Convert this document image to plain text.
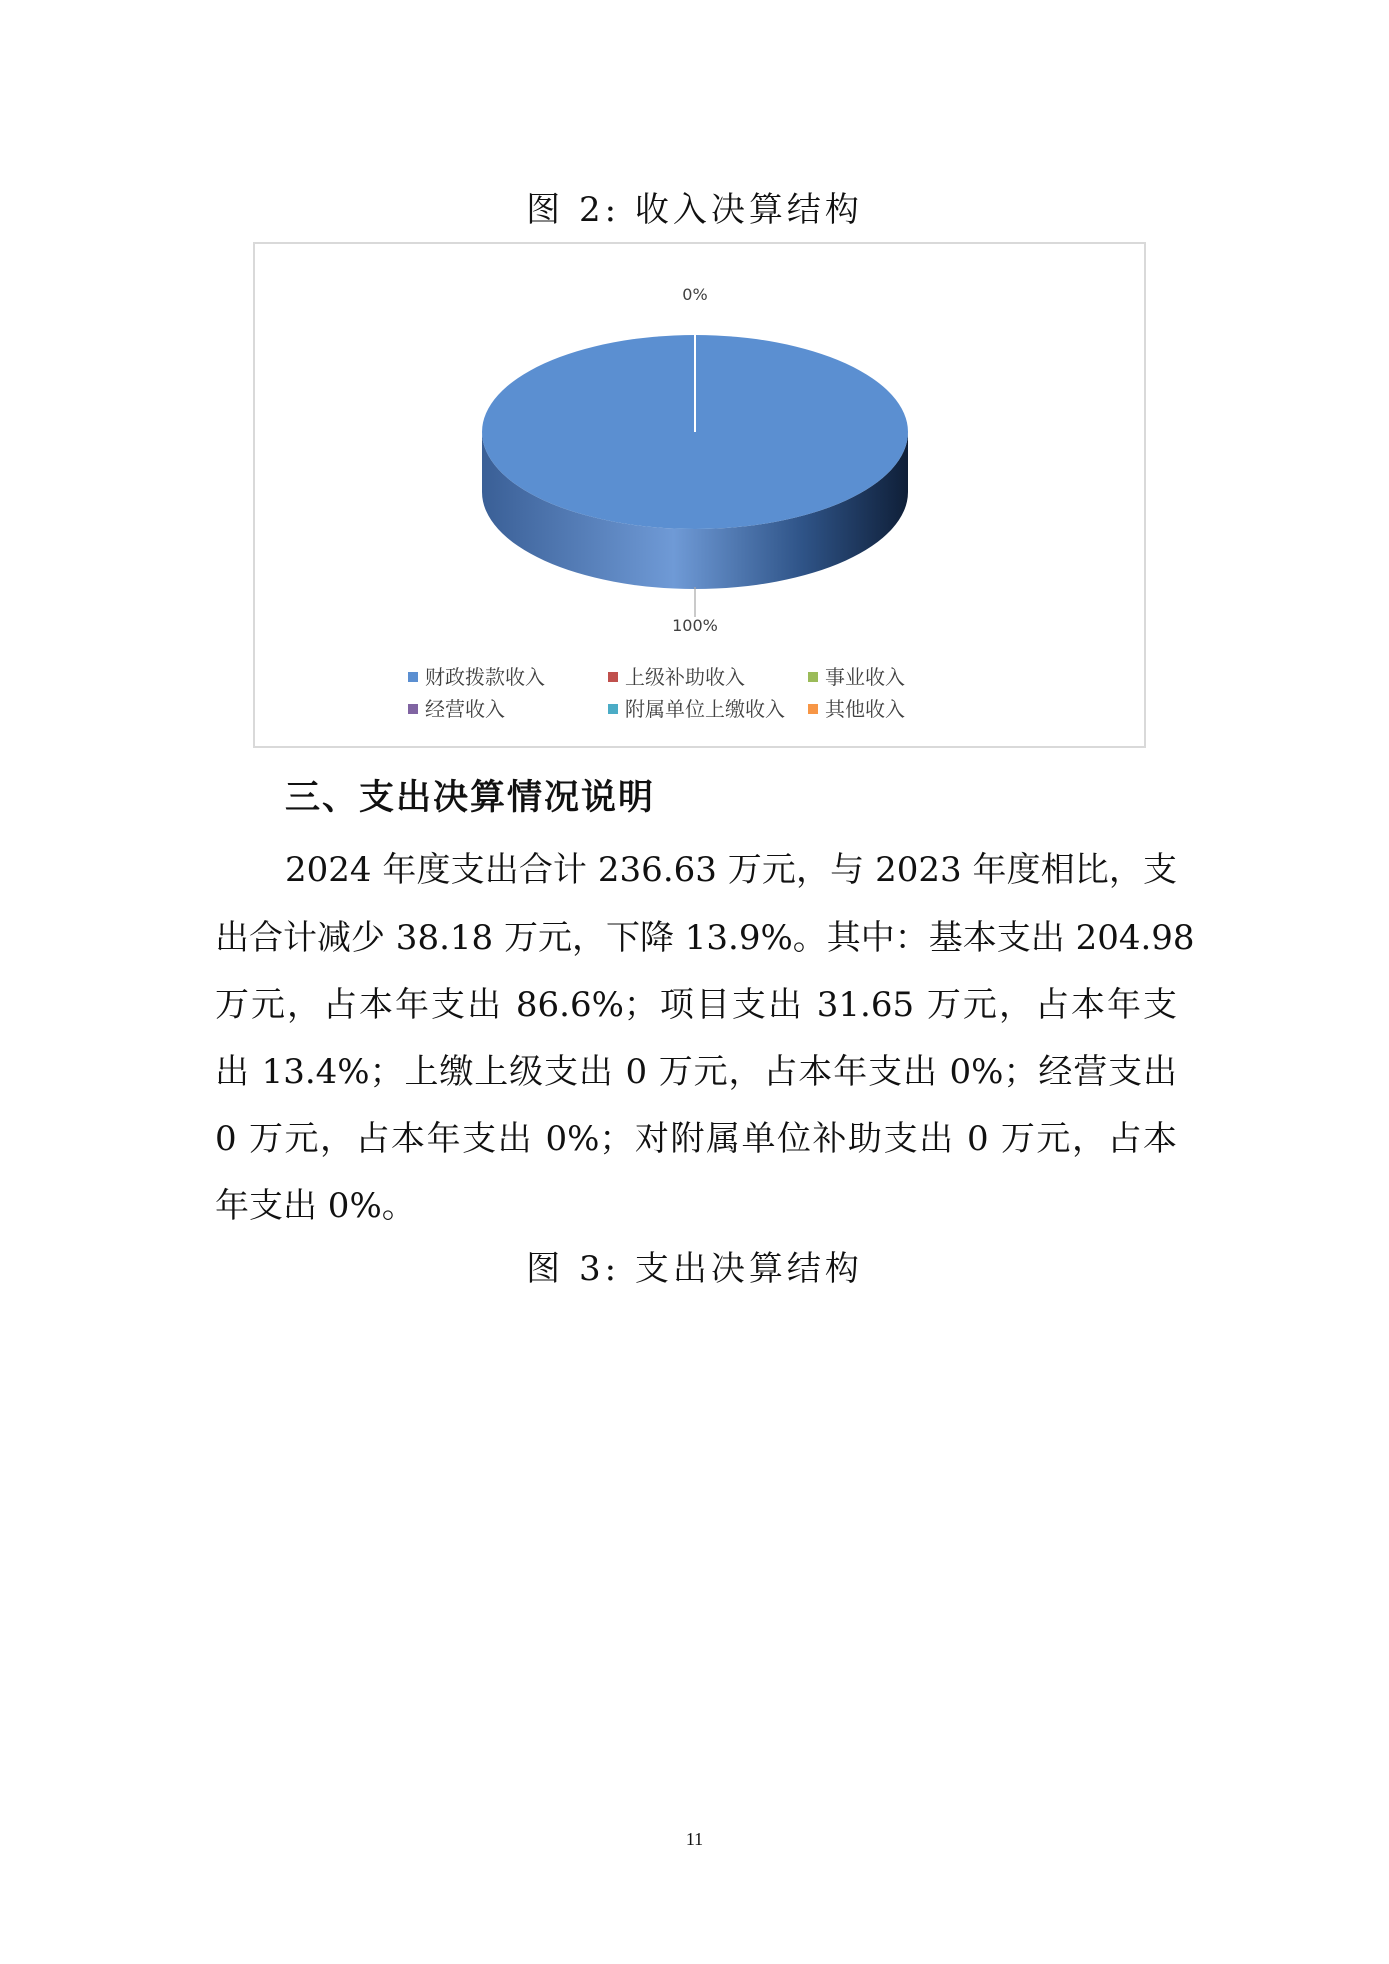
图 2: 收入决算结构
0%
100%
财政拨款收入	上级补助收入	事业收入
经营收入	附属单位上缴收入 其他收入
三、支出决算情况说明
2024 年度支出合计 236.63 万元，与 2023 年度相比，支
出合计减少 38.18 万元，下降 13.9%。其中：基本支出 204.98
万元，占本年支出 86.6%；项目支出 31.65 万元，占本年支
出 13.4%；上缴上级支出 0 万元，占本年支出 0%；经营支出
0 万元，占本年支出 0%；对附属单位补助支出 0 万元，占本
年支出 0%。
图 3: 支出决算结构
11
